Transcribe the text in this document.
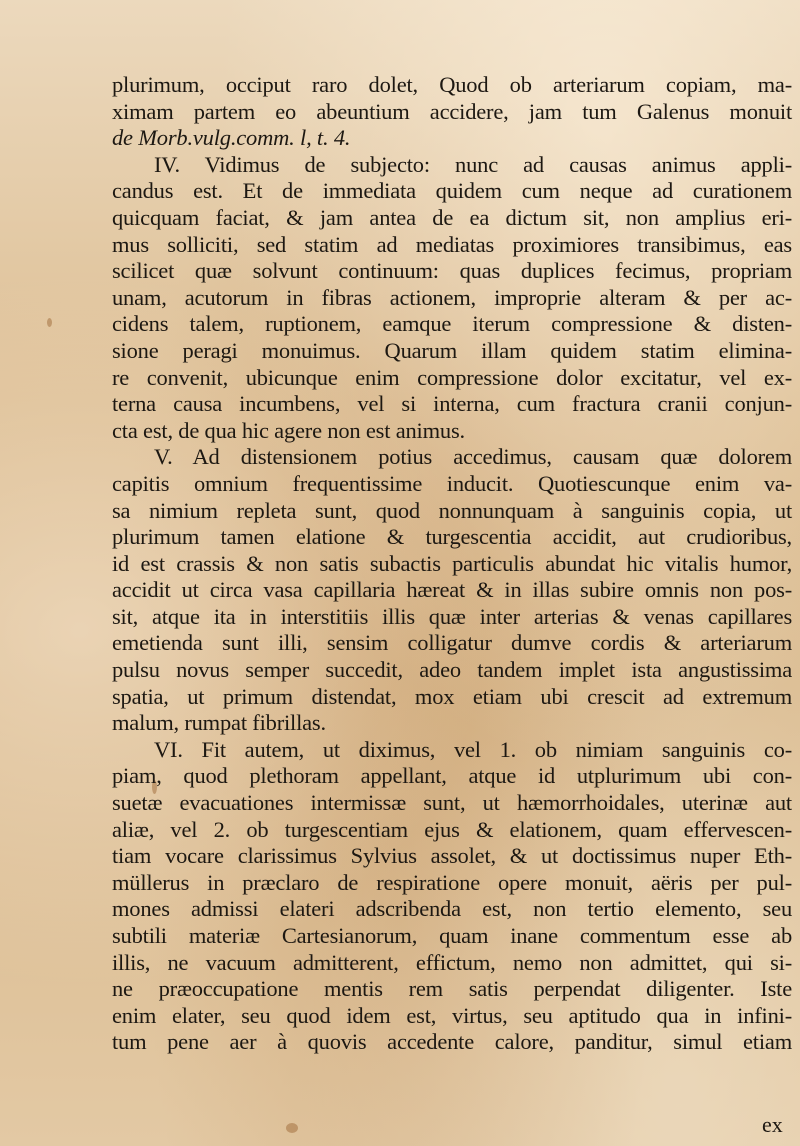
plurimum, occiput raro dolet, Quod ob arteriarum copiam, ma-
ximam partem eo abeuntium accidere, jam tum Galenus monuit
de Morb.vulg.comm. l, t. 4.
IV. Vidimus de subjecto: nunc ad causas animus appli-
candus est. Et de immediata quidem cum neque ad curationem
quicquam faciat, & jam antea de ea dictum sit, non amplius eri-
mus solliciti, sed statim ad mediatas proximiores transibimus, eas
scilicet quæ solvunt continuum: quas duplices fecimus, propriam
unam, acutorum in fibras actionem, improprie alteram & per ac-
cidens talem, ruptionem, eamque iterum compressione & disten-
sione peragi monuimus. Quarum illam quidem statim elimina-
re convenit, ubicunque enim compressione dolor excitatur, vel ex-
terna causa incumbens, vel si interna, cum fractura cranii conjun-
cta est, de qua hic agere non est animus.
V. Ad distensionem potius accedimus, causam quæ dolorem
capitis omnium frequentissime inducit. Quotiescunque enim va-
sa nimium repleta sunt, quod nonnunquam à sanguinis copia, ut
plurimum tamen elatione & turgescentia accidit, aut crudioribus,
id est crassis & non satis subactis particulis abundat hic vitalis humor,
accidit ut circa vasa capillaria hæreat & in illas subire omnis non pos-
sit, atque ita in interstitiis illis quæ inter arterias & venas capillares
emetienda sunt illi, sensim colligatur dumve cordis & arteriarum
pulsu novus semper succedit, adeo tandem implet ista angustissima
spatia, ut primum distendat, mox etiam ubi crescit ad extremum
malum, rumpat fibrillas.
VI. Fit autem, ut diximus, vel 1. ob nimiam sanguinis co-
piam, quod plethoram appellant, atque id utplurimum ubi con-
suetæ evacuationes intermissæ sunt, ut hæmorrhoidales, uterinæ aut
aliæ, vel 2. ob turgescentiam ejus & elationem, quam effervescen-
tiam vocare clarissimus Sylvius assolet, & ut doctissimus nuper Eth-
müllerus in præclaro de respiratione opere monuit, aëris per pul-
mones admissi elateri adscribenda est, non tertio elemento, seu
subtili materiæ Cartesianorum, quam inane commentum esse ab
illis, ne vacuum admitterent, effictum, nemo non admittet, qui si-
ne præoccupatione mentis rem satis perpendat diligenter. Iste
enim elater, seu quod idem est, virtus, seu aptitudo qua in infini-
tum pene aer à quovis accedente calore, panditur, simul etiam
ex
